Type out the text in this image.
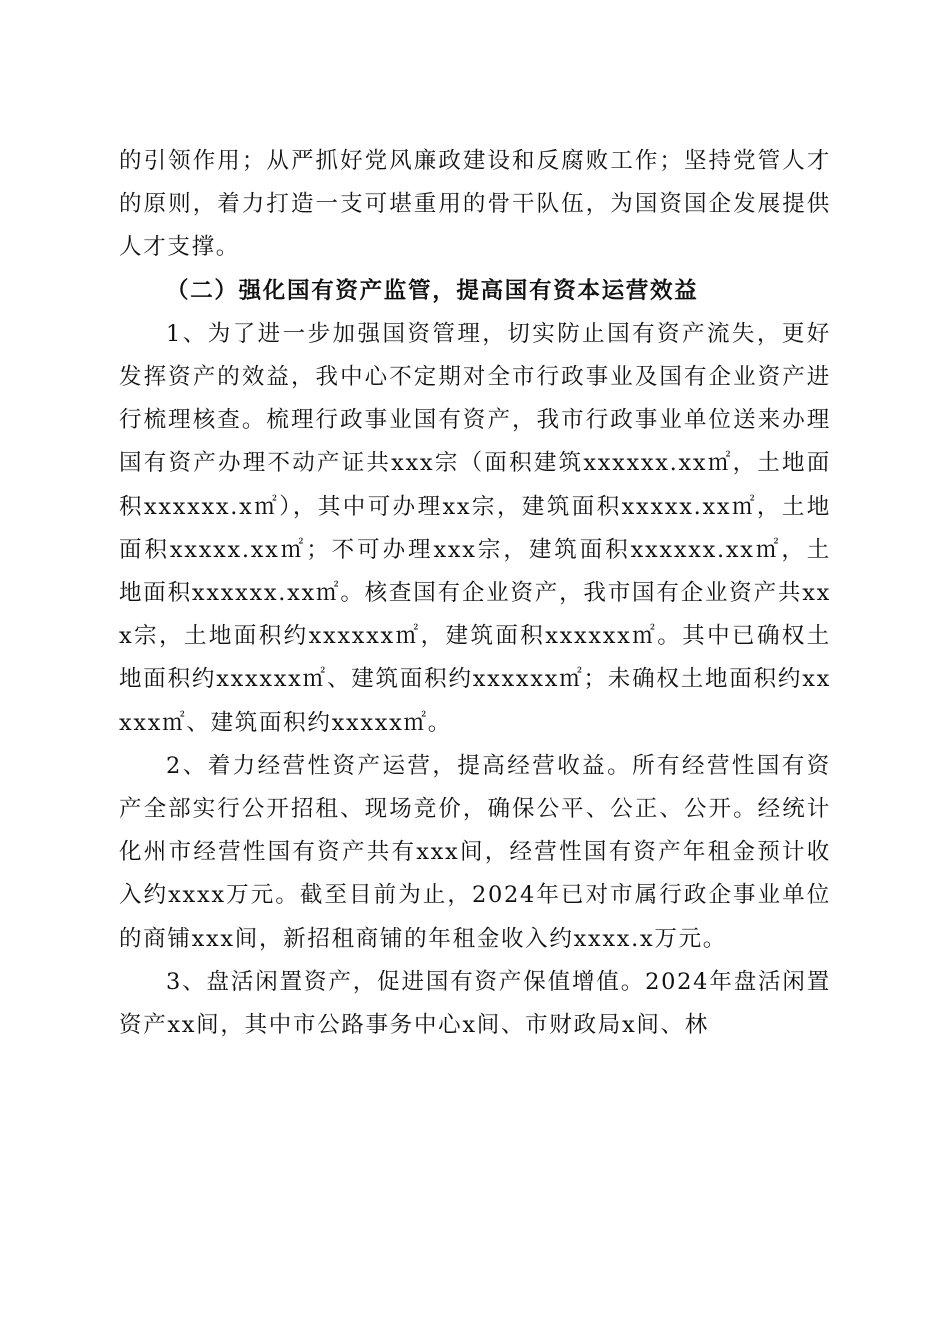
的引领作用；从严抓好党风廉政建设和反腐败工作；坚持党管人才的原则，着力打造一支可堪重用的骨干队伍，为国资国企发展提供人才支撑。

（二）强化国有资产监管，提高国有资本运营效益

1、为了进一步加强国资管理，切实防止国有资产流失，更好发挥资产的效益，我中心不定期对全市行政事业及国有企业资产进行梳理核查。梳理行政事业国有资产，我市行政事业单位送来办理国有资产办理不动产证共xxx宗（面积建筑xxxxxx.xx㎡，土地面积xxxxxx.x㎡），其中可办理xx宗，建筑面积xxxxx.xx㎡，土地面积xxxxx.xx㎡；不可办理xxx宗，建筑面积xxxxxx.xx㎡，土地面积xxxxxx.xx㎡。核查国有企业资产，我市国有企业资产共xxx宗，土地面积约xxxxxx㎡，建筑面积xxxxxx㎡。其中已确权土地面积约xxxxxx㎡、建筑面积约xxxxxx㎡；未确权土地面积约xxxxx㎡、建筑面积约xxxxx㎡。

2、着力经营性资产运营，提高经营收益。所有经营性国有资产全部实行公开招租、现场竞价，确保公平、公正、公开。经统计化州市经营性国有资产共有xxx间，经营性国有资产年租金预计收入约xxxx万元。截至目前为止，2024年已对市属行政企事业单位的商铺xxx间，新招租商铺的年租金收入约xxxx.x万元。

3、盘活闲置资产，促进国有资产保值增值。2024年盘活闲置资产xx间，其中市公路事务中心x间、市财政局x间、林
